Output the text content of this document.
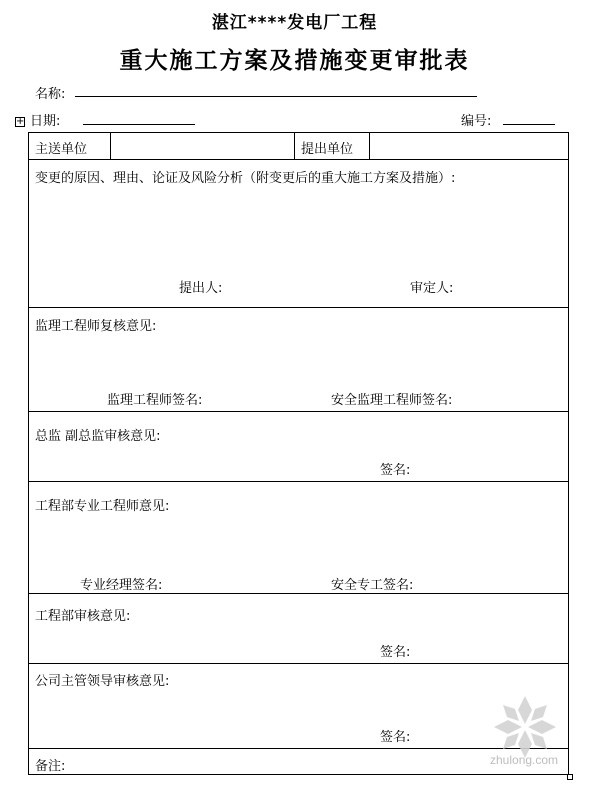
湛江****发电厂工程
重大施工方案及措施变更审批表
名称:
+ 日期:	编号:
主送单位	提出单位
变更的原因、理由、论证及风险分析（附变更后的重大施工方案及措施）:
提出人:	审定人:
监理工程师复核意见:
监理工程师签名:	安全监理工程师签名:
总监 副总监审核意见:
签名:
工程部专业工程师意见:
专业经理签名:	安全专工签名:
工程部审核意见:
签名:
公司主管领导审核意见:
签名:
备注:	zhulong.com
